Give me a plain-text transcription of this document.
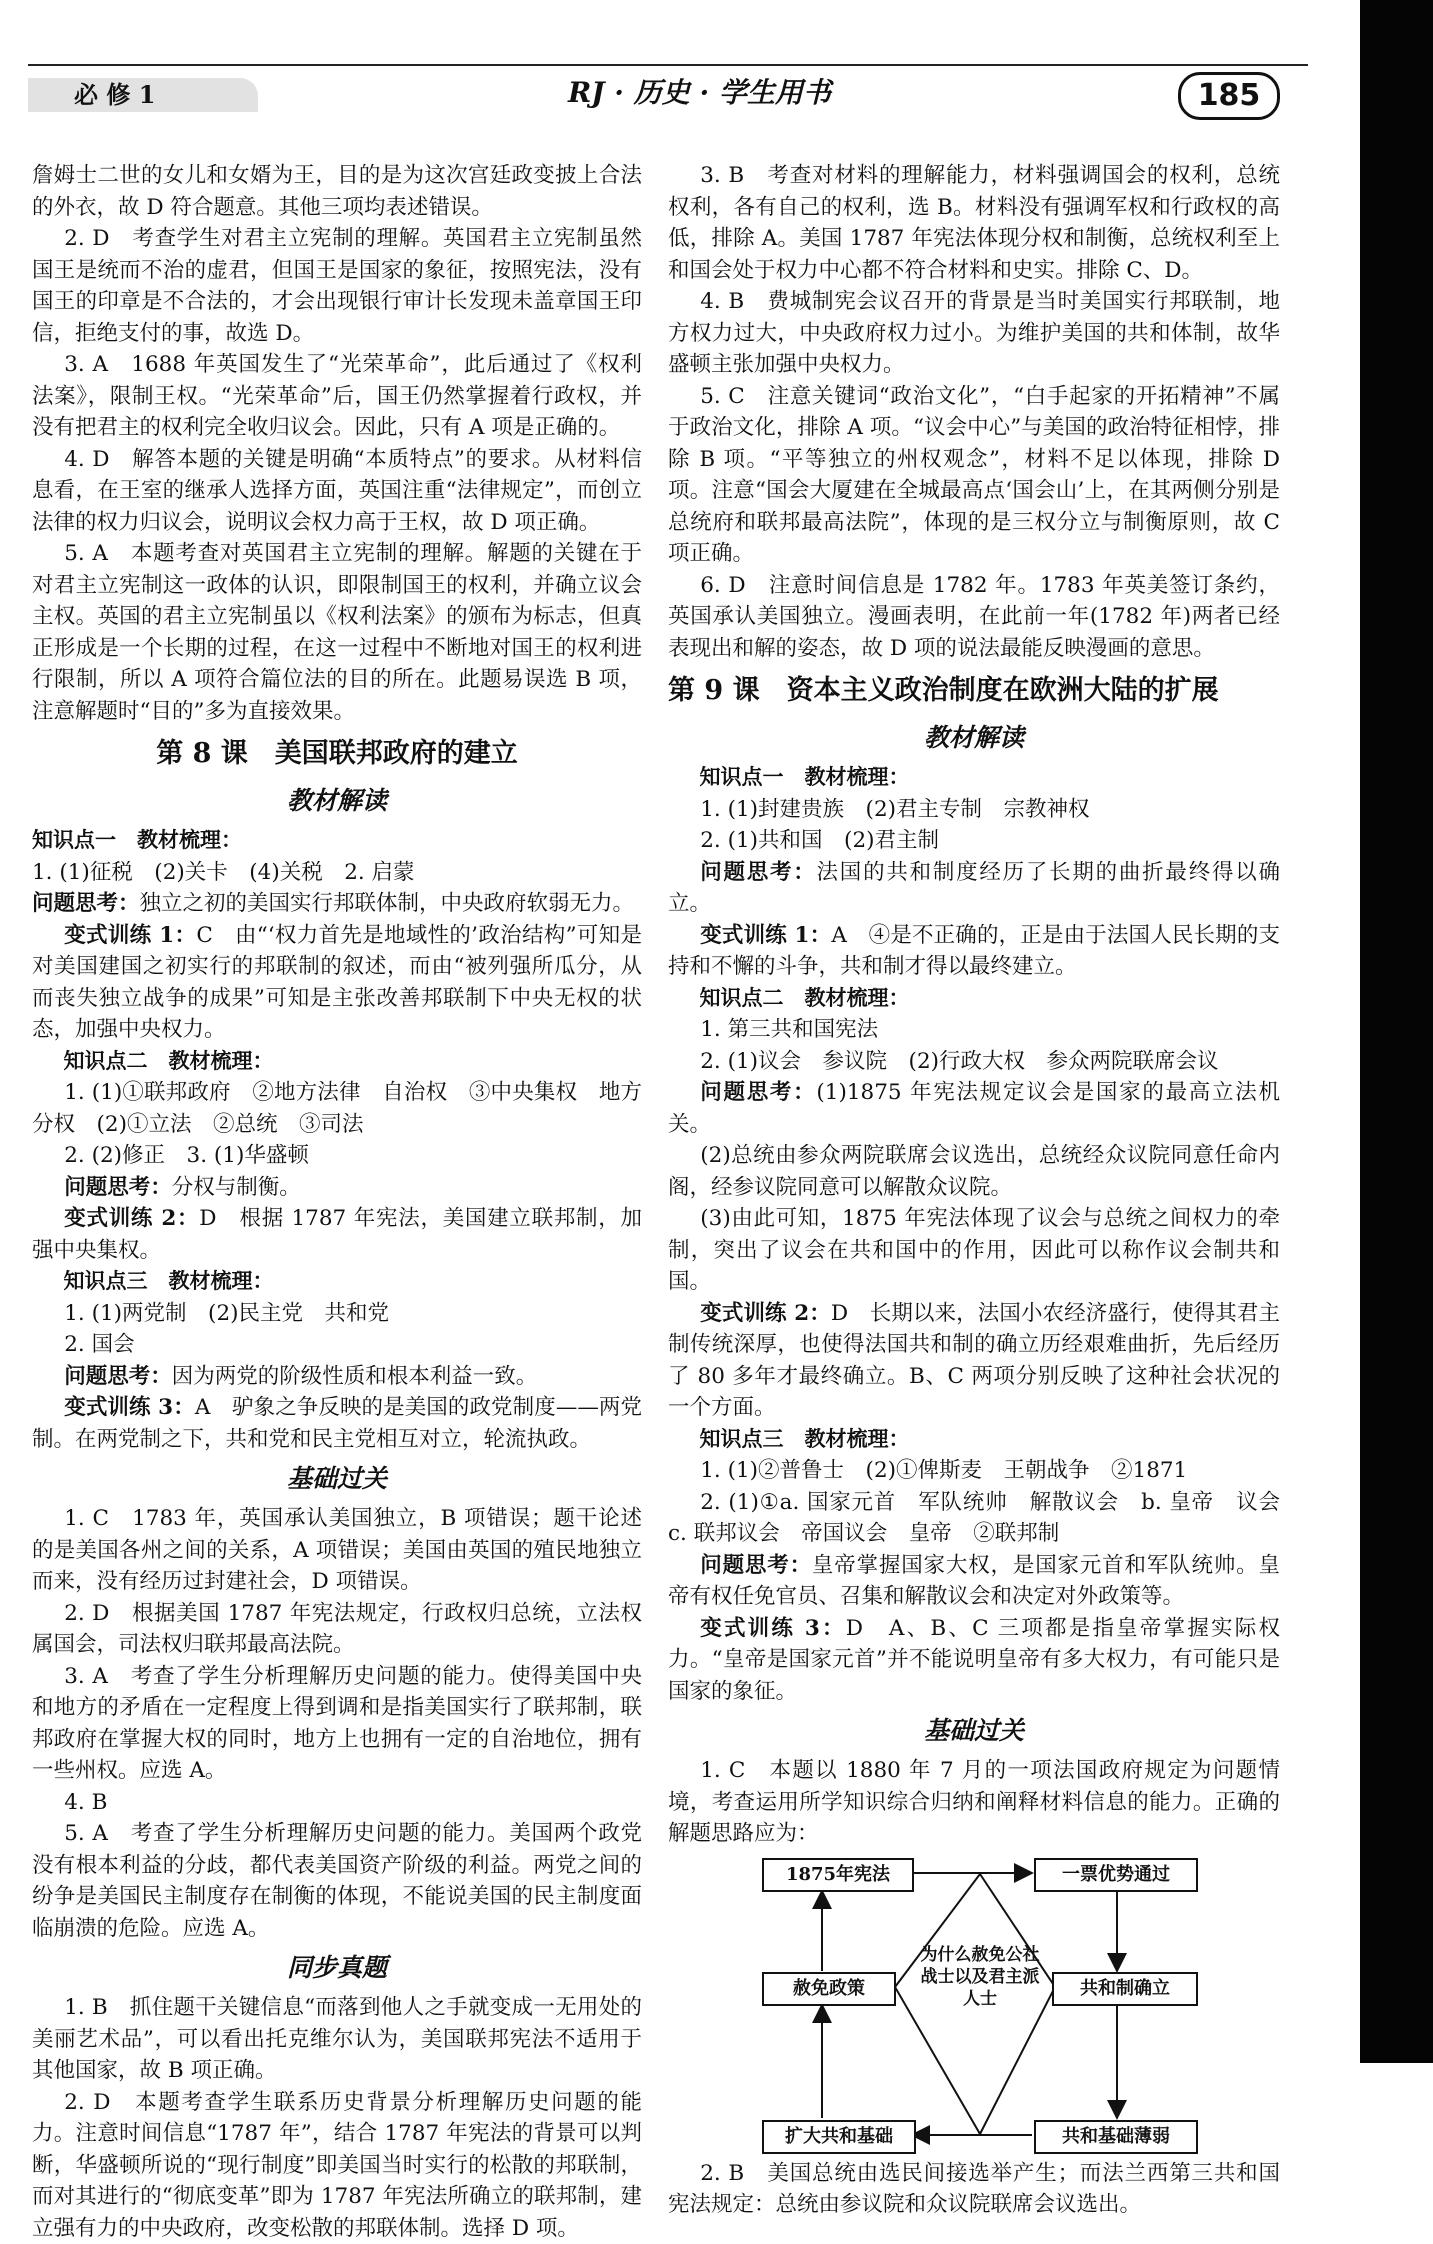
必 修 1	RJ · 历史 · 学生用书	185

詹姆士二世的女儿和女婿为王，目的是为这次宫廷政变披上合法的外衣，故 D 符合题意。其他三项均表述错误。

2. D　考查学生对君主立宪制的理解。英国君主立宪制虽然国王是统而不治的虚君，但国王是国家的象征，按照宪法，没有国王的印章是不合法的，才会出现银行审计长发现未盖章国王印信，拒绝支付的事，故选 D。

3. A　1688 年英国发生了“光荣革命”，此后通过了《权利法案》，限制王权。“光荣革命”后，国王仍然掌握着行政权，并没有把君主的权利完全收归议会。因此，只有 A 项是正确的。

4. D　解答本题的关键是明确“本质特点”的要求。从材料信息看，在王室的继承人选择方面，英国注重“法律规定”，而创立法律的权力归议会，说明议会权力高于王权，故 D 项正确。

5. A　本题考查对英国君主立宪制的理解。解题的关键在于对君主立宪制这一政体的认识，即限制国王的权利，并确立议会主权。英国的君主立宪制虽以《权利法案》的颁布为标志，但真正形成是一个长期的过程，在这一过程中不断地对国王的权利进行限制，所以 A 项符合篇位法的目的所在。此题易误选 B 项，注意解题时“目的”多为直接效果。

第 8 课　美国联邦政府的建立
教材解读

知识点一　教材梳理：

1. (1)征税　(2)关卡　(4)关税　2. 启蒙

问题思考：独立之初的美国实行邦联体制，中央政府软弱无力。

变式训练 1：C　由“‘权力首先是地域性的’政治结构”可知是对美国建国之初实行的邦联制的叙述，而由“被列强所瓜分，从而丧失独立战争的成果”可知是主张改善邦联制下中央无权的状态，加强中央权力。

知识点二　教材梳理：

1. (1)①联邦政府　②地方法律　自治权　③中央集权　地方分权　(2)①立法　②总统　③司法

2. (2)修正　3. (1)华盛顿

问题思考：分权与制衡。

变式训练 2：D　根据 1787 年宪法，美国建立联邦制，加强中央集权。

知识点三　教材梳理：

1. (1)两党制　(2)民主党　共和党

2. 国会

问题思考：因为两党的阶级性质和根本利益一致。

变式训练 3：A　驴象之争反映的是美国的政党制度——两党制。在两党制之下，共和党和民主党相互对立，轮流执政。

基础过关

1. C　1783 年，英国承认美国独立，B 项错误；题干论述的是美国各州之间的关系，A 项错误；美国由英国的殖民地独立而来，没有经历过封建社会，D 项错误。

2. D　根据美国 1787 年宪法规定，行政权归总统，立法权属国会，司法权归联邦最高法院。

3. A　考查了学生分析理解历史问题的能力。使得美国中央和地方的矛盾在一定程度上得到调和是指美国实行了联邦制，联邦政府在掌握大权的同时，地方上也拥有一定的自治地位，拥有一些州权。应选 A。

4. B

5. A　考查了学生分析理解历史问题的能力。美国两个政党没有根本利益的分歧，都代表美国资产阶级的利益。两党之间的纷争是美国民主制度存在制衡的体现，不能说美国的民主制度面临崩溃的危险。应选 A。

同步真题

1. B　抓住题干关键信息“而落到他人之手就变成一无用处的美丽艺术品”，可以看出托克维尔认为，美国联邦宪法不适用于其他国家，故 B 项正确。

2. D　本题考查学生联系历史背景分析理解历史问题的能力。注意时间信息“1787 年”，结合 1787 年宪法的背景可以判断，华盛顿所说的“现行制度”即美国当时实行的松散的邦联制，而对其进行的“彻底变革”即为 1787 年宪法所确立的联邦制，建立强有力的中央政府，改变松散的邦联体制。选择 D 项。

3. B　考查对材料的理解能力，材料强调国会的权利，总统权利，各有自己的权利，选 B。材料没有强调军权和行政权的高低，排除 A。美国 1787 年宪法体现分权和制衡，总统权利至上和国会处于权力中心都不符合材料和史实。排除 C、D。

4. B　费城制宪会议召开的背景是当时美国实行邦联制，地方权力过大，中央政府权力过小。为维护美国的共和体制，故华盛顿主张加强中央权力。

5. C　注意关键词“政治文化”，“白手起家的开拓精神”不属于政治文化，排除 A 项。“议会中心”与美国的政治特征相悖，排除 B 项。“平等独立的州权观念”，材料不足以体现，排除 D 项。注意“国会大厦建在全城最高点‘国会山’上，在其两侧分别是总统府和联邦最高法院”，体现的是三权分立与制衡原则，故 C 项正确。

6. D　注意时间信息是 1782 年。1783 年英美签订条约，英国承认美国独立。漫画表明，在此前一年(1782 年)两者已经表现出和解的姿态，故 D 项的说法最能反映漫画的意思。

第 9 课　资本主义政治制度在欧洲大陆的扩展
教材解读

知识点一　教材梳理：

1. (1)封建贵族　(2)君主专制　宗教神权

2. (1)共和国　(2)君主制

问题思考：法国的共和制度经历了长期的曲折最终得以确立。

变式训练 1：A　④是不正确的，正是由于法国人民长期的支持和不懈的斗争，共和制才得以最终建立。

知识点二　教材梳理：

1. 第三共和国宪法

2. (1)议会　参议院　(2)行政大权　参众两院联席会议

问题思考：(1)1875 年宪法规定议会是国家的最高立法机关。

(2)总统由参众两院联席会议选出，总统经众议院同意任命内阁，经参议院同意可以解散众议院。

(3)由此可知，1875 年宪法体现了议会与总统之间权力的牵制，突出了议会在共和国中的作用，因此可以称作议会制共和国。

变式训练 2：D　长期以来，法国小农经济盛行，使得其君主制传统深厚，也使得法国共和制的确立历经艰难曲折，先后经历了 80 多年才最终确立。B、C 两项分别反映了这种社会状况的一个方面。

知识点三　教材梳理：

1. (1)②普鲁士　(2)①俾斯麦　王朝战争　②1871

2. (1)①a. 国家元首　军队统帅　解散议会　b. 皇帝　议会　c. 联邦议会　帝国议会　皇帝　②联邦制

问题思考：皇帝掌握国家大权，是国家元首和军队统帅。皇帝有权任免官员、召集和解散议会和决定对外政策等。

变式训练 3：D　A、B、C 三项都是指皇帝掌握实际权力。“皇帝是国家元首”并不能说明皇帝有多大权力，有可能只是国家的象征。

基础过关

1. C　本题以 1880 年 7 月的一项法国政府规定为问题情境，考查运用所学知识综合归纳和阐释材料信息的能力。正确的解题思路应为：

1875年宪法	一票优势通过
赦免政策	共和制确立
扩大共和基础	共和基础薄弱
为什么赦免公社战士以及君主派人士

2. B　美国总统由选民间接选举产生；而法兰西第三共和国宪法规定：总统由参议院和众议院联席会议选出。
